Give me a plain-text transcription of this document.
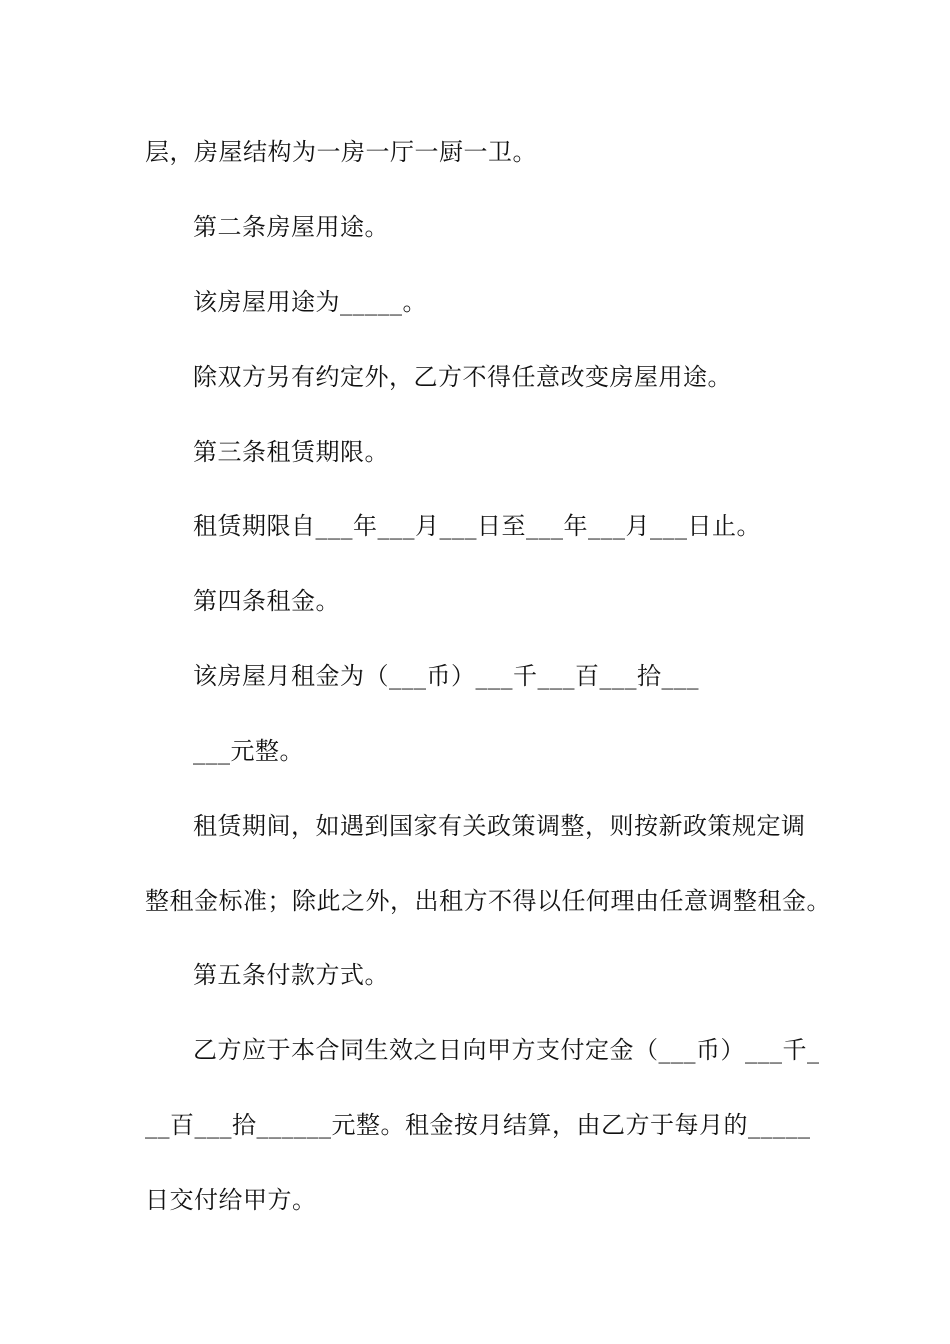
层，房屋结构为一房一厅一厨一卫。
第二条房屋用途。
该房屋用途为_____。
除双方另有约定外，乙方不得任意改变房屋用途。
第三条租赁期限。
租赁期限自___年___月___日至___年___月___日止。
第四条租金。
该房屋月租金为（___币）___千___百___拾___
___元整。
租赁期间，如遇到国家有关政策调整，则按新政策规定调
整租金标准；除此之外，出租方不得以任何理由任意调整租金。
第五条付款方式。
乙方应于本合同生效之日向甲方支付定金（___币）___千_
__百___拾______元整。租金按月结算，由乙方于每月的_____
日交付给甲方。
